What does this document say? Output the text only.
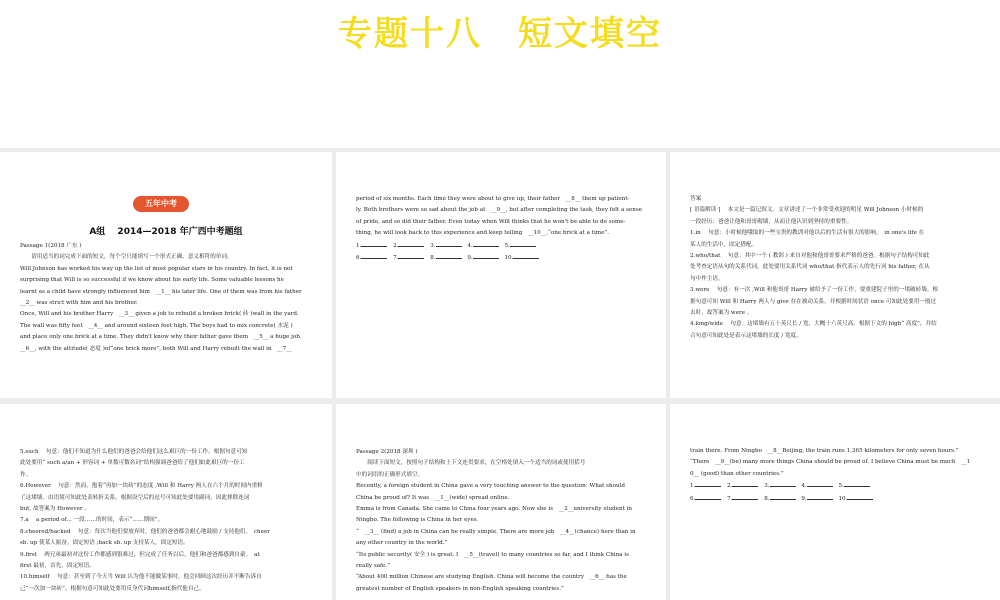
专题十八 短文填空
五年中考
A组　 2014—2018 年广西中考题组
Passage 1(2018 广东 )
　　请用适当的词完成下面的短文，每个空只能填写一个形式正确、意义相符的单词。
Will Johnson has worked his way up the list of most popular stars in his country. In fact, it is not
surprising that Will is so successful if we know about his early life. Some valuable lessons he
learnt as a child have strongly influenced him　__1__ his later life. One of them was from his father
__2__ was strict with him and his brother.
Once, Will and his brother Harry　__3__ given a job to rebuild a broken brick( 砖 )wall in the yard.
The wall was fifty feet　__4__ and around sixteen feet high. The boys had to mix concrete( 水泥 )
and place only one brick at a time. They didn't know why their father gave them　__5__ a huge job.
__6__, with the attitude( 态度 )of“one brick more”, both Will and Harry rebuilt the wall in　__7__
period of six months. Each time they were about to give up, their father　__8__ them up patient-
ly. Both brothers were so sad about the job at　__9__, but after completing the task, they felt a sense
of pride, and so did their father. Even today when Will thinks that he won't be able to do some-
thing, he will look back to this experience and keep telling　__10__,“one brick at a time”.
1.	2.	3.	4.	5.
6.	7.	8.	9.	10.
答案
[ 语篇解读 ]　 本文是一篇记叙文。文章讲述了一个非常受欢迎的明星 Will Johnson 小时候的
一段经历：爸爸让他和哥哥砌墙，从而让他认识到坚持的重要性。
1.in　 句意：小时候他哦取的一些宝贵的教训对他以后的生活有很大的影响。　in one's life 在
某人的生活中，固定搭配。
2.who/that　 句意：其中一个 ( 教训 ) 来自对他和他哥哥要求严格的爸爸。根据句子结构可知此
处考查定语从句的关系代词。此处要用关系代词 who/that 指代表示人的先行词 his father, 在从
句中作主语。
3.were　 句意：有一次 ,Will 和他哥哥 Harry 被给予了一份工作，要重建院子里的一堵破砖墙。根
据句意可知 Will 和 Harry 两人与 give 存在被动关系，并根据时间状语 once 可知此处要用一般过
去时，故答案为 were 。
4.long/wide　 句意：这堵墙有五十英尺长 / 宽，大概十六英尺高。根据下文的 high“ 高度”，并结
合句意可知此处是表示这堵墙的长度 / 宽度。
5.such　 句意：他们不知道为什么他们的爸爸会给他们这么艰巨的一份工作。根据句意可知
此处要用“ such a/an + 形容词 + 单数可数名词”结构强调爸爸给了他们如此艰巨的一份工
作。
6.However　 句意：然而，抱着“再加一块砖”的态度 ,Will 和 Harry 两人在六个月的时间内重修
了这堵墙。由语境可知此处表转折关系，根据设空后的逗号可知此处要用副词，因此排除连词
but, 故答案为 However 。
7.a　 a period of... 一段……的时间，表示“……期间”。
8.cheered/backed　 句意：每次当他们要放弃时，他们的爸爸都会耐心地鼓励 / 支持他们。　cheer
sb. up 使某人振奋，固定短语 ;back sb. up 支持某人，固定短语。
9.first　 两兄弟最初对这份工作都感到很难过，但完成了任务以后，他们和爸爸都感到自豪。　at
first 最初，首先，固定短语。
10.himself　 句意：甚至到了今天当 Will 认为他不能做某事时，他会回顾这次经历并不断告诉自
己“一次加一块砖”。根据句意可知此处要用反身代词himself,指代他自己。
Passage 2(2018 深圳 )
　　阅读下面短文，按照句子结构和上下文连贯要求，在空格处填入一个适当的词或使用括号
中的词语的正确形式填空。
Recently, a foreign student in China gave a very touching answer to the question: What should
China be proud of? It was　__1__(wide) spread online.
Emma is from Canada. She came to China four years ago. Now she is　__2__university student in
Ningbo. The following is China in her eyes.
“　__3__ (find) a job in China can be really simple. There are more job　__4__(chance) here than in
any other country in the world.”
“Its public security( 安全 ) is great. I　__5__(travel) to many countries so far, and I think China is
really safe.”
“About 400 million Chinese are studying English. China will become the country　__6__ has the
greatest number of English speakers in non-English speaking countries.”
train there. From Ningbo　__8__Beijing, the train runs 1,365 kilometers for only seven hours.”
“There　__9__(be) many more things China should be proud of. I believe China must be much　__1
0__ (good) than other countries.”
1.	2.	3.	4.	5.
6.	7.	8.	9.	10.
